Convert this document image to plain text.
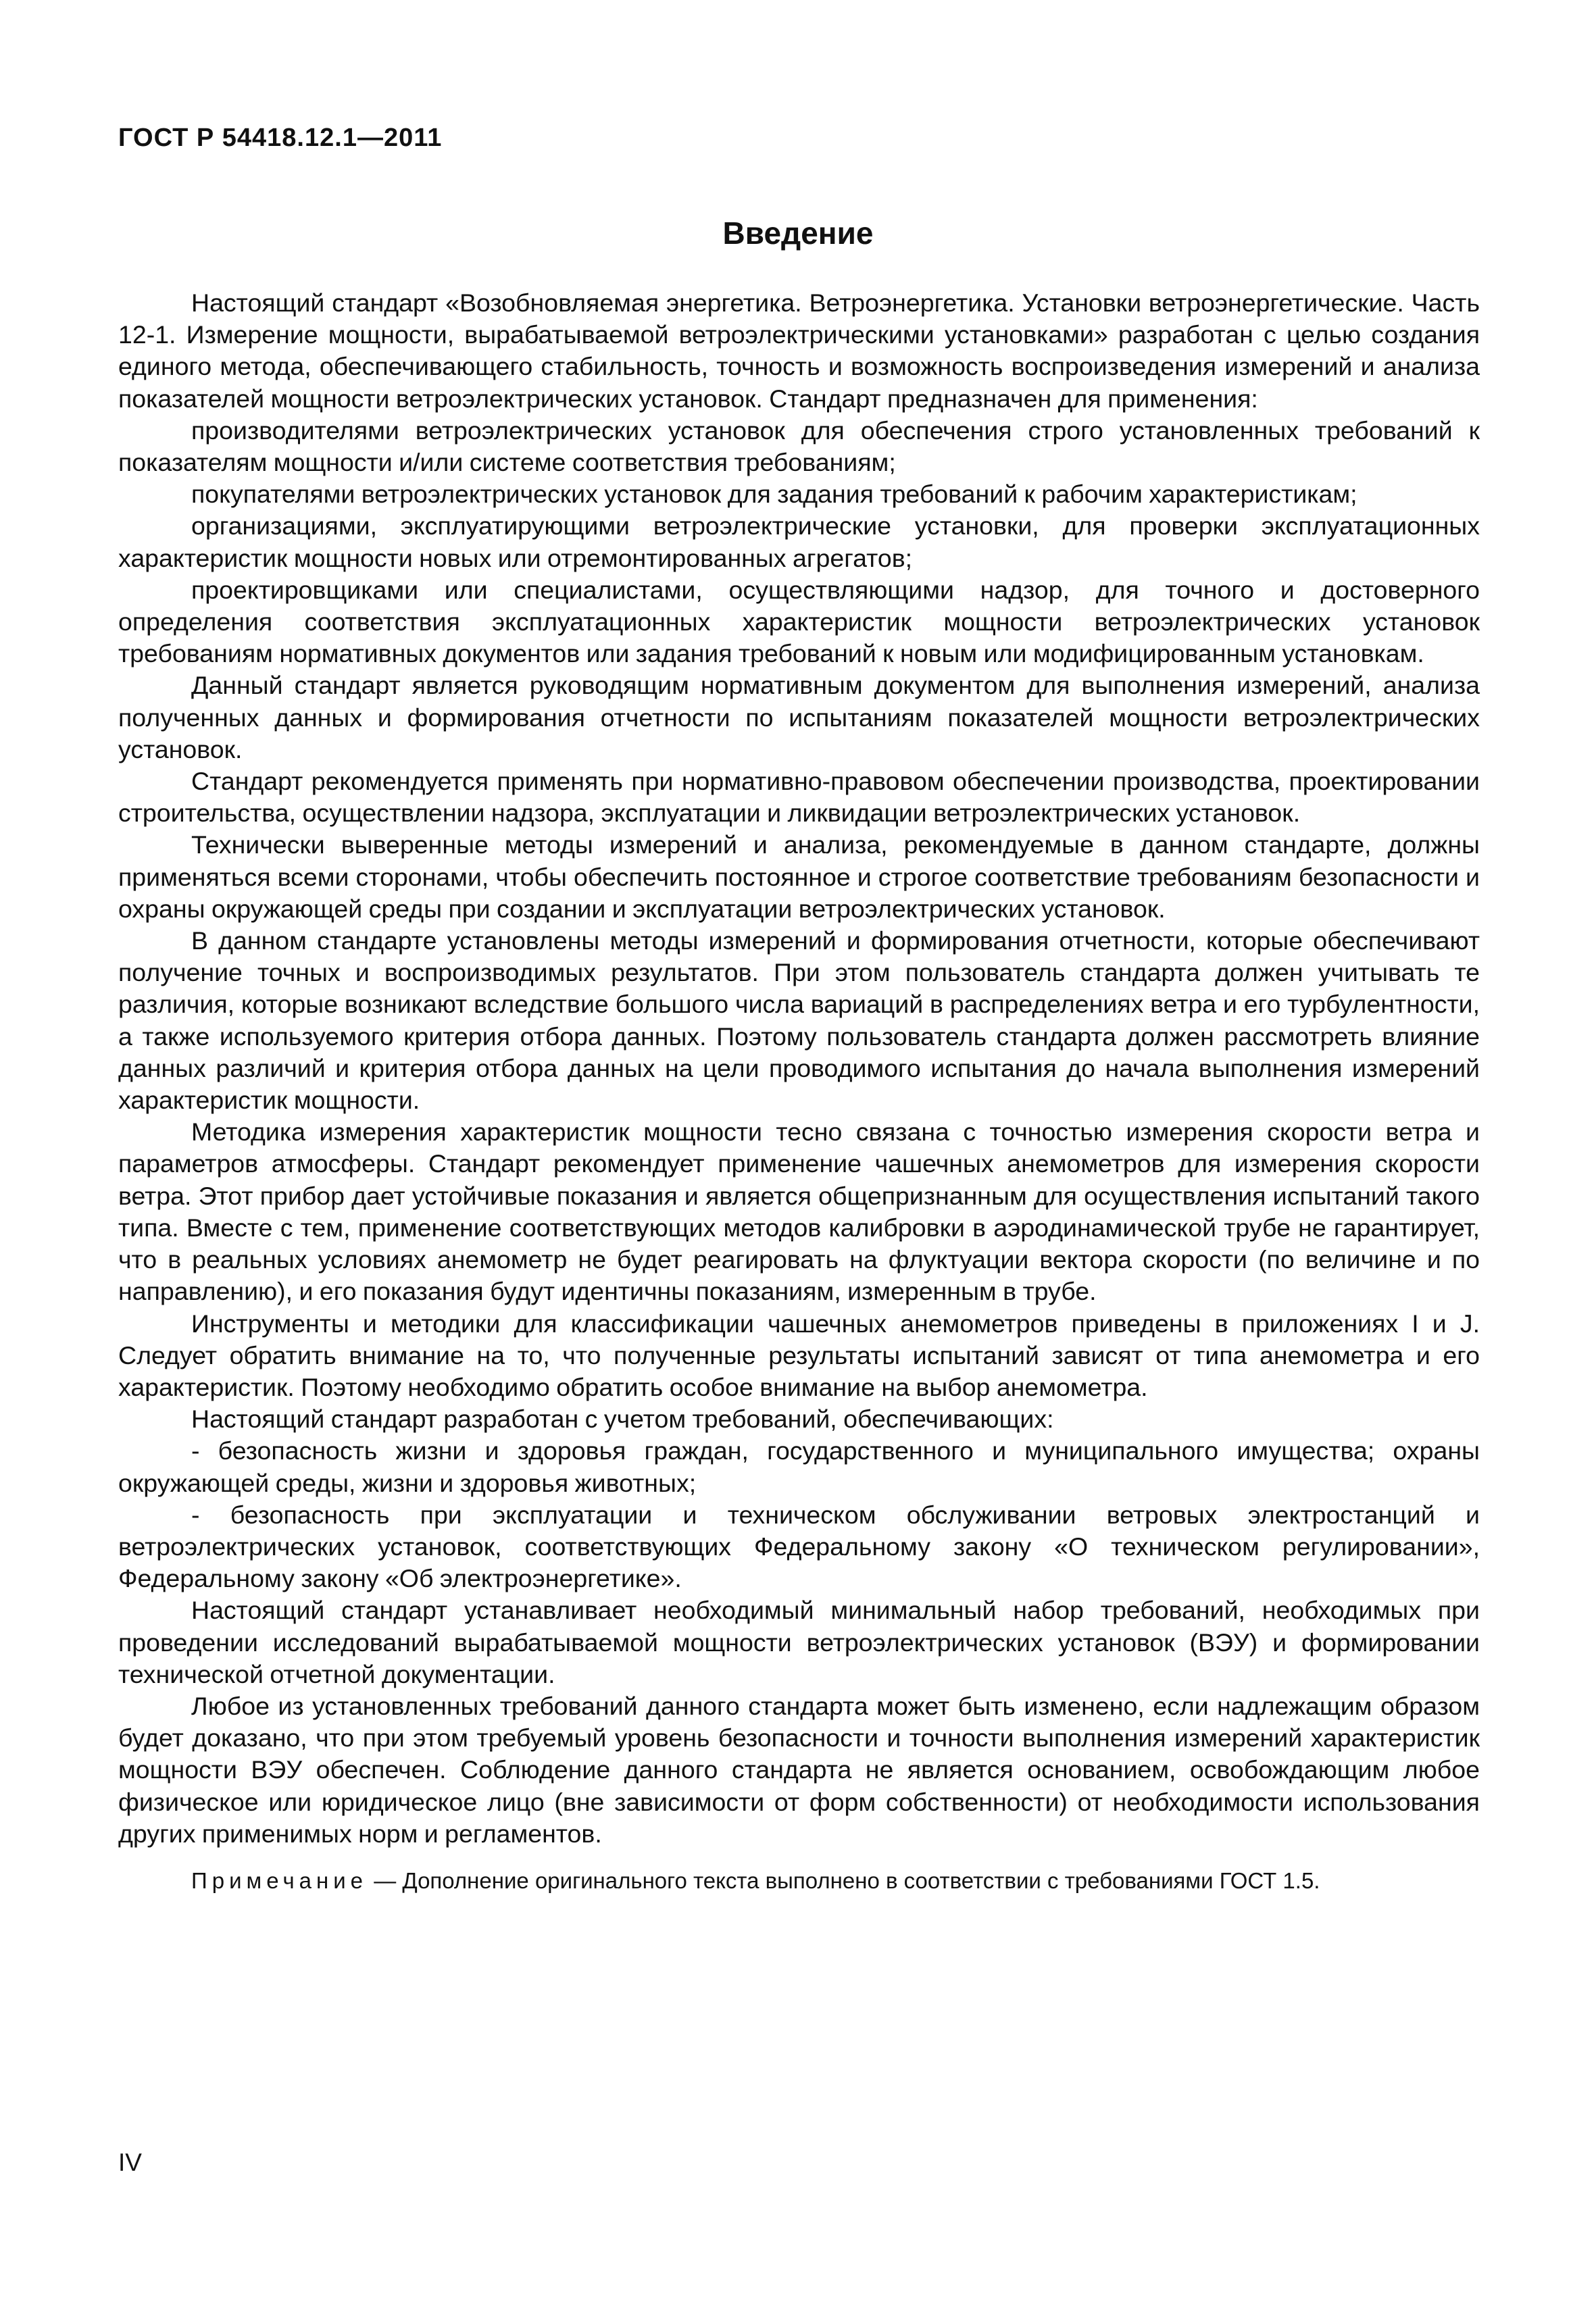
ГОСТ Р 54418.12.1—2011

Введение

Настоящий стандарт «Возобновляемая энергетика. Ветроэнергетика. Установки ветроэнергетические. Часть 12-1. Измерение мощности, вырабатываемой ветроэлектрическими установками» разработан с целью создания единого метода, обеспечивающего стабильность, точность и возможность воспроизведения измерений и анализа показателей мощности ветроэлектрических установок. Стандарт предназначен для применения:

производителями ветроэлектрических установок для обеспечения строго установленных требований к показателям мощности и/или системе соответствия требованиям;

покупателями ветроэлектрических установок для задания требований к рабочим характеристикам;

организациями, эксплуатирующими ветроэлектрические установки, для проверки эксплуатационных характеристик мощности новых или отремонтированных агрегатов;

проектировщиками или специалистами, осуществляющими надзор, для точного и достоверного определения соответствия эксплуатационных характеристик мощности ветроэлектрических установок требованиям нормативных документов или задания требований к новым или модифицированным установкам.

Данный стандарт является руководящим нормативным документом для выполнения измерений, анализа полученных данных и формирования отчетности по испытаниям показателей мощности ветроэлектрических установок.

Стандарт рекомендуется применять при нормативно-правовом обеспечении производства, проектировании строительства, осуществлении надзора, эксплуатации и ликвидации ветроэлектрических установок.

Технически выверенные методы измерений и анализа, рекомендуемые в данном стандарте, должны применяться всеми сторонами, чтобы обеспечить постоянное и строгое соответствие требованиям безопасности и охраны окружающей среды при создании и эксплуатации ветроэлектрических установок.

В данном стандарте установлены методы измерений и формирования отчетности, которые обеспечивают получение точных и воспроизводимых результатов. При этом пользователь стандарта должен учитывать те различия, которые возникают вследствие большого числа вариаций в распределениях ветра и его турбулентности, а также используемого критерия отбора данных. Поэтому пользователь стандарта должен рассмотреть влияние данных различий и критерия отбора данных на цели проводимого испытания до начала выполнения измерений характеристик мощности.

Методика измерения характеристик мощности тесно связана с точностью измерения скорости ветра и параметров атмосферы. Стандарт рекомендует применение чашечных анемометров для измерения скорости ветра. Этот прибор дает устойчивые показания и является общепризнанным для осуществления испытаний такого типа. Вместе с тем, применение соответствующих методов калибровки в аэродинамической трубе не гарантирует, что в реальных условиях анемометр не будет реагировать на флуктуации вектора скорости (по величине и по направлению), и его показания будут идентичны показаниям, измеренным в трубе.

Инструменты и методики для классификации чашечных анемометров приведены в приложениях I и J. Следует обратить внимание на то, что полученные результаты испытаний зависят от типа анемометра и его характеристик. Поэтому необходимо обратить особое внимание на выбор анемометра.

Настоящий стандарт разработан с учетом требований, обеспечивающих:

- безопасность жизни и здоровья граждан, государственного и муниципального имущества; охраны окружающей среды, жизни и здоровья животных;

- безопасность при эксплуатации и техническом обслуживании ветровых электростанций и ветроэлектрических установок, соответствующих Федеральному закону «О техническом регулировании», Федеральному закону «Об электроэнергетике».

Настоящий стандарт устанавливает необходимый минимальный набор требований, необходимых при проведении исследований вырабатываемой мощности ветроэлектрических установок (ВЭУ) и формировании технической отчетной документации.

Любое из установленных требований данного стандарта может быть изменено, если надлежащим образом будет доказано, что при этом требуемый уровень безопасности и точности выполнения измерений характеристик мощности ВЭУ обеспечен. Соблюдение данного стандарта не является основанием, освобождающим любое физическое или юридическое лицо (вне зависимости от форм собственности) от необходимости использования других применимых норм и регламентов.

Примечание — Дополнение оригинального текста выполнено в соответствии с требованиями ГОСТ 1.5.

IV
